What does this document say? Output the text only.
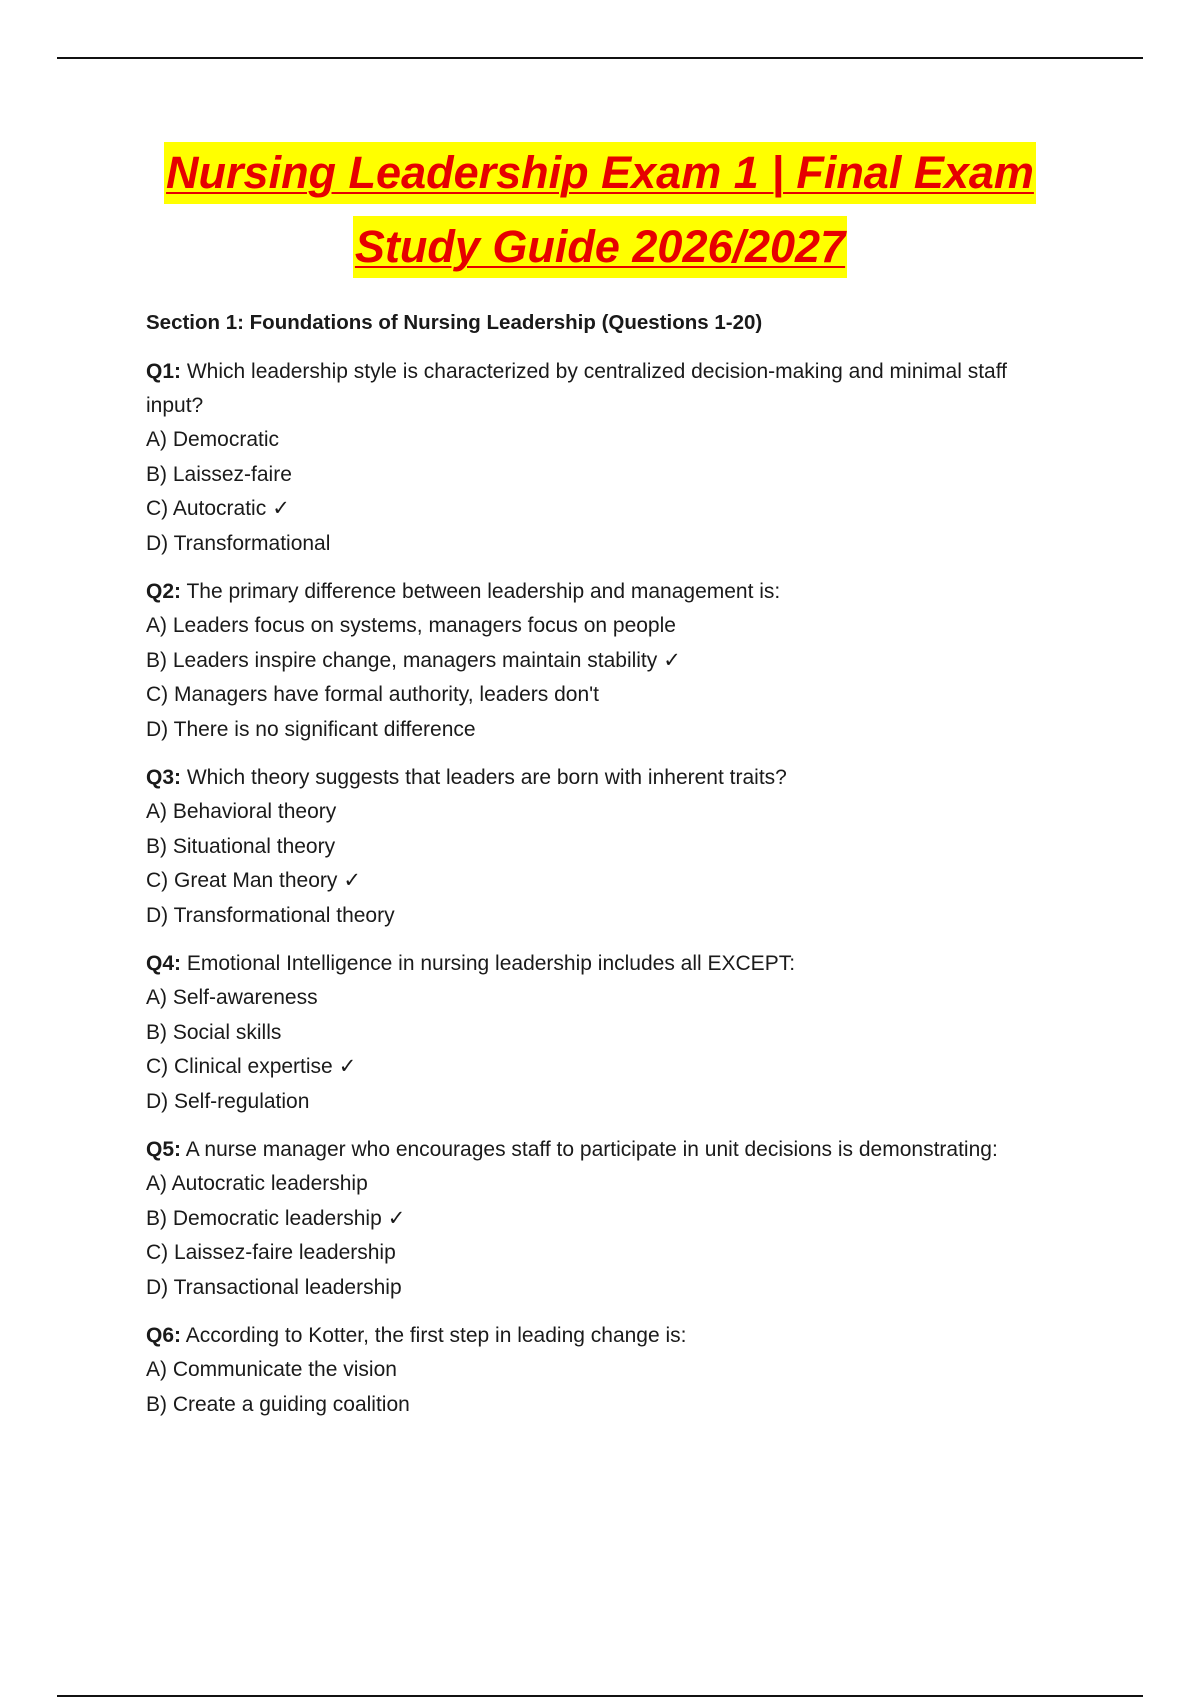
Nursing Leadership Exam 1 | Final Exam
Study Guide 2026/2027
Section 1: Foundations of Nursing Leadership (Questions 1-20)

Q1: Which leadership style is characterized by centralized decision-making and minimal staff input?

A) Democratic

B) Laissez-faire

C) Autocratic ✓

D) Transformational

Q2: The primary difference between leadership and management is:

A) Leaders focus on systems, managers focus on people

B) Leaders inspire change, managers maintain stability ✓

C) Managers have formal authority, leaders don't

D) There is no significant difference

Q3: Which theory suggests that leaders are born with inherent traits?

A) Behavioral theory

B) Situational theory

C) Great Man theory ✓

D) Transformational theory

Q4: Emotional Intelligence in nursing leadership includes all EXCEPT:

A) Self-awareness

B) Social skills

C) Clinical expertise ✓

D) Self-regulation

Q5: A nurse manager who encourages staff to participate in unit decisions is demonstrating:

A) Autocratic leadership

B) Democratic leadership ✓

C) Laissez-faire leadership

D) Transactional leadership

Q6: According to Kotter, the first step in leading change is:

A) Communicate the vision

B) Create a guiding coalition
